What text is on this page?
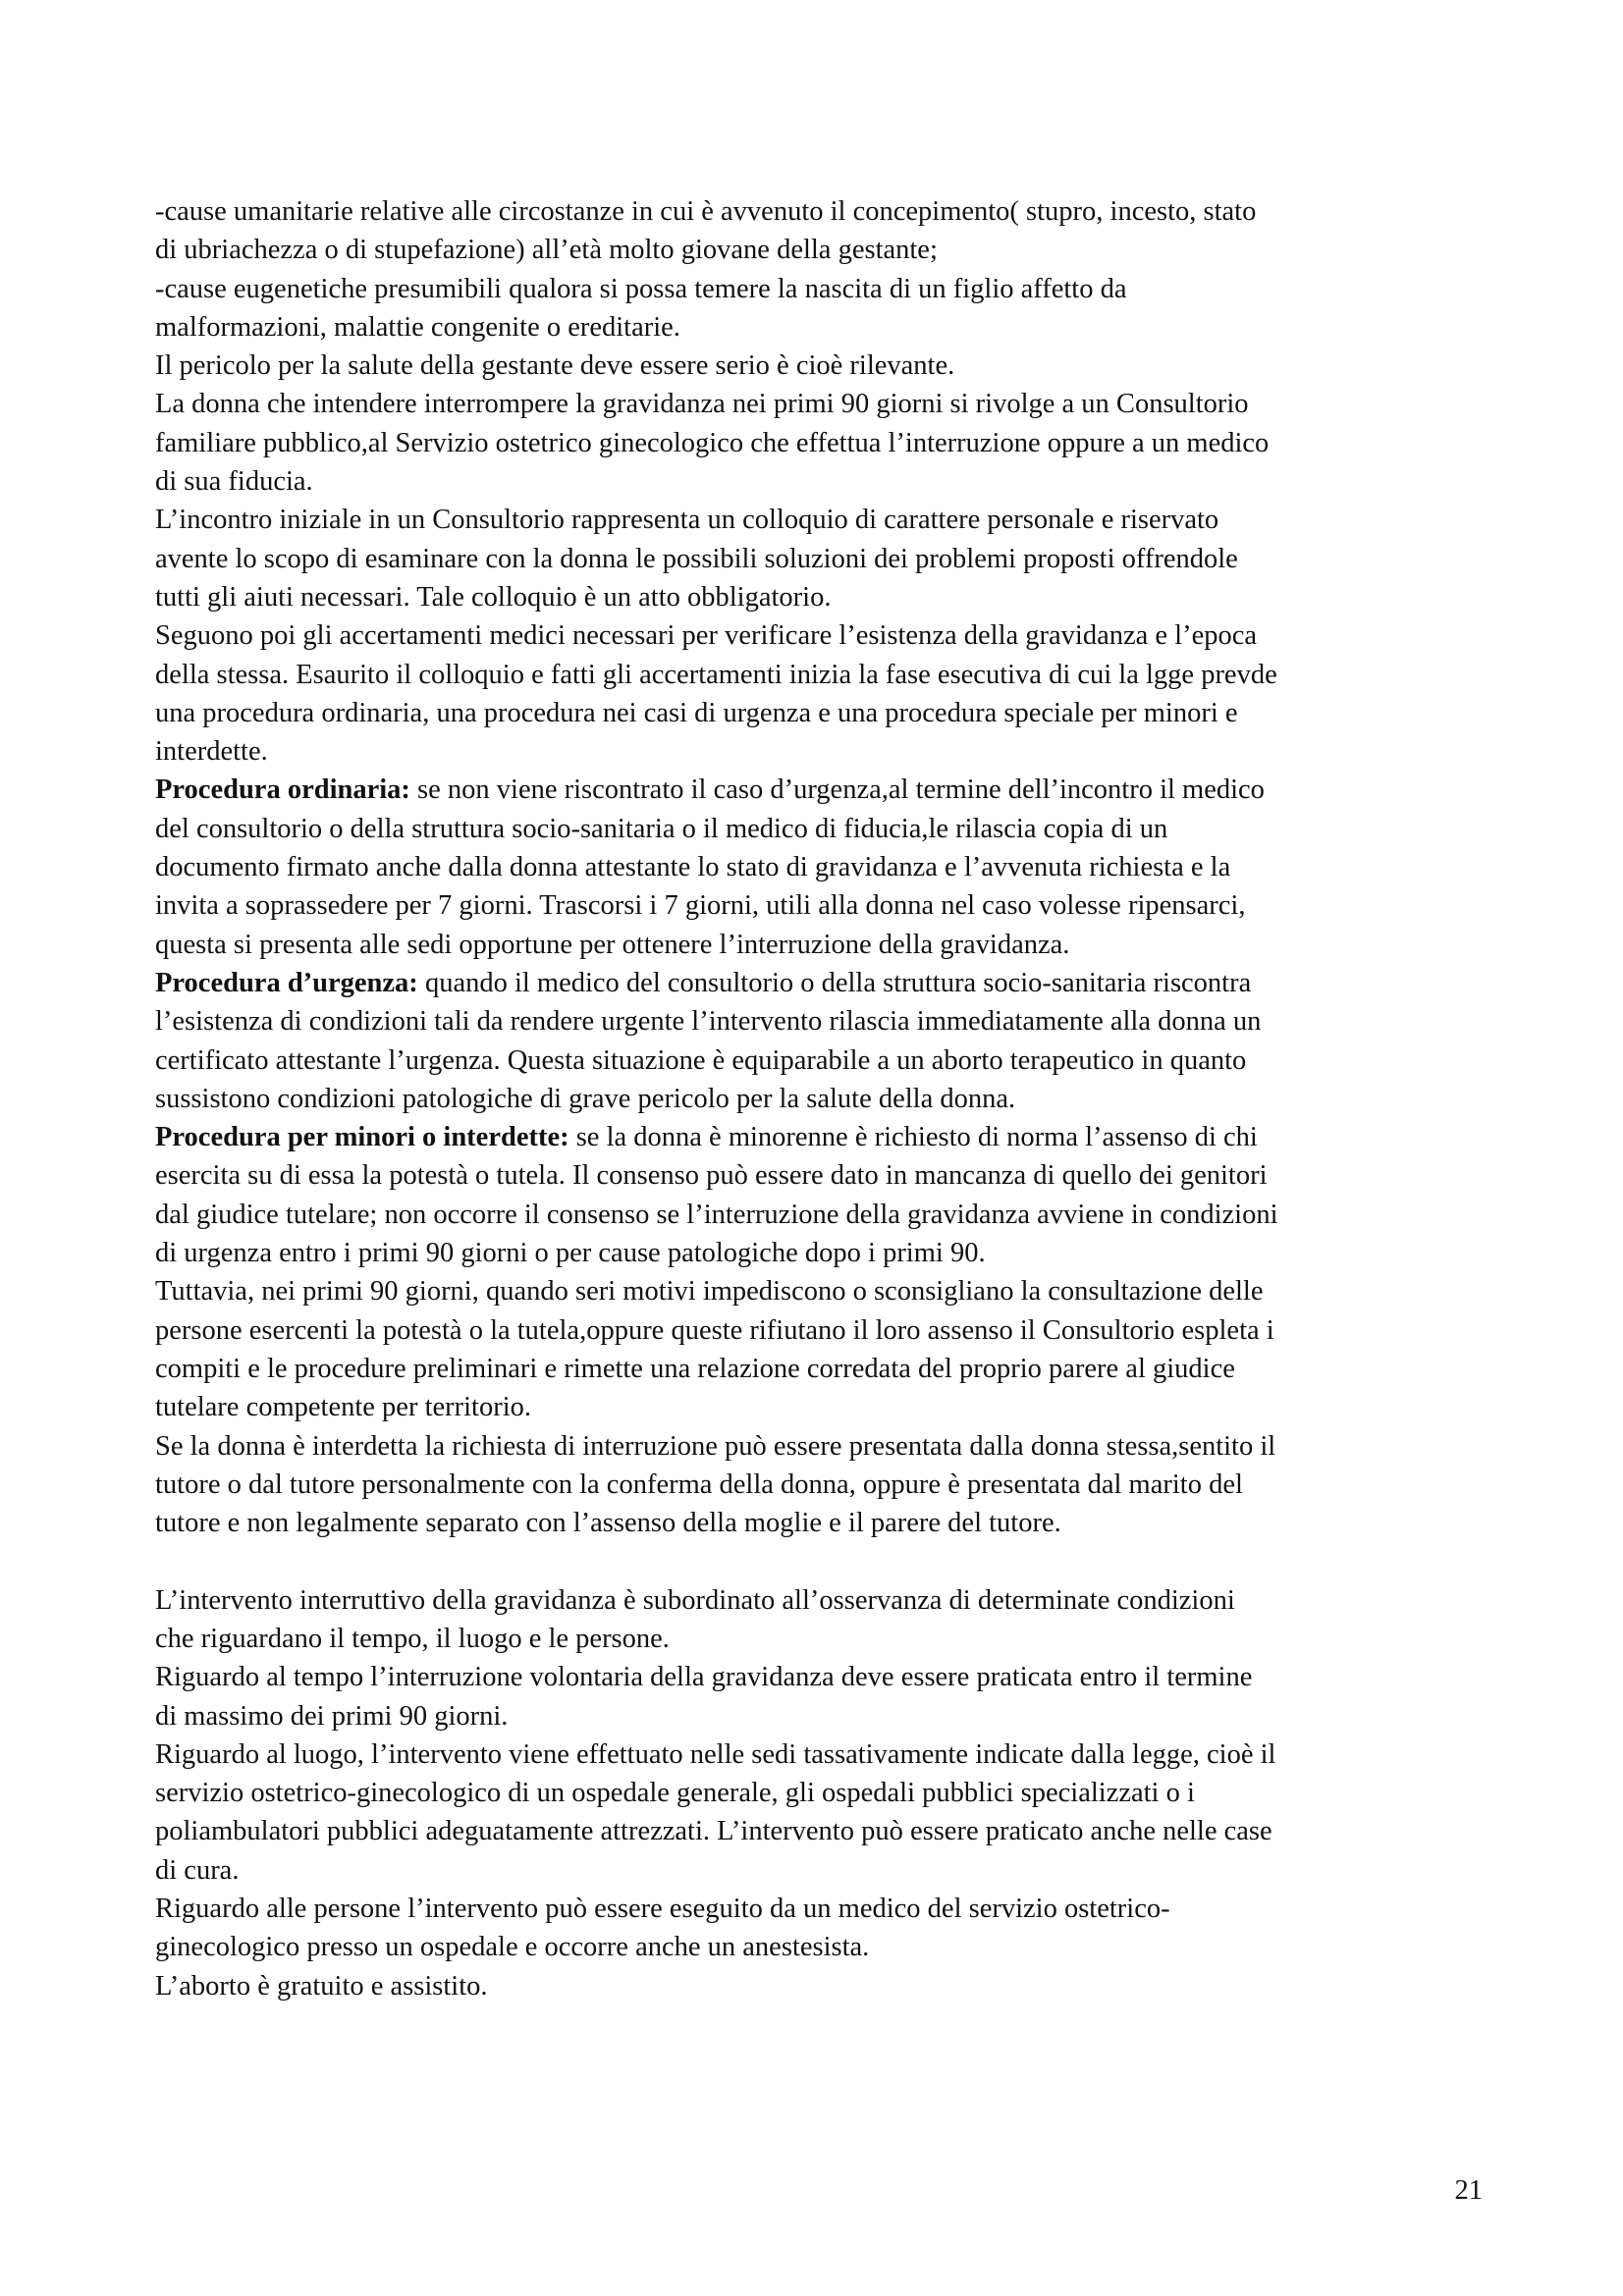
-cause umanitarie relative alle circostanze in cui è avvenuto il concepimento( stupro, incesto, stato

di ubriachezza o di stupefazione) all’età molto giovane della gestante;

-cause eugenetiche presumibili qualora si possa temere la nascita di un figlio affetto da

malformazioni, malattie congenite o ereditarie.

Il pericolo per la salute della gestante deve essere serio è cioè rilevante.

La donna che intendere interrompere la gravidanza nei primi 90 giorni si rivolge a un Consultorio

familiare pubblico,al Servizio ostetrico ginecologico che effettua l’interruzione oppure a un medico

di sua fiducia.

L’incontro iniziale in un Consultorio rappresenta un colloquio di carattere personale e riservato

avente lo scopo di esaminare con la donna le possibili soluzioni dei problemi proposti offrendole

tutti gli aiuti necessari. Tale colloquio è un atto obbligatorio.

Seguono poi gli accertamenti medici necessari per verificare l’esistenza della gravidanza e l’epoca

della stessa. Esaurito il colloquio e fatti gli accertamenti inizia la fase esecutiva di cui la lgge prevde

una procedura ordinaria, una procedura nei casi di urgenza e una procedura speciale per minori e

interdette.

Procedura ordinaria: se non viene riscontrato il caso d’urgenza,al termine dell’incontro il medico

del consultorio o della struttura socio-sanitaria o il medico di fiducia,le rilascia copia di un

documento firmato anche dalla donna attestante lo stato di gravidanza e l’avvenuta richiesta e la

invita a soprassedere per 7 giorni. Trascorsi i 7 giorni, utili alla donna nel caso volesse ripensarci,

questa si presenta alle sedi opportune per ottenere l’interruzione della gravidanza.

Procedura d’urgenza: quando il medico del consultorio o della struttura socio-sanitaria riscontra

l’esistenza di condizioni tali da rendere urgente l’intervento rilascia immediatamente alla donna un

certificato attestante l’urgenza. Questa situazione è equiparabile a un aborto terapeutico in quanto

sussistono condizioni patologiche di grave pericolo per la salute della donna.

Procedura per minori o interdette: se la donna è minorenne è richiesto di norma l’assenso di chi

esercita su di essa la potestà o tutela. Il consenso può essere dato in mancanza di quello dei genitori

dal giudice tutelare; non occorre il consenso se l’interruzione della gravidanza avviene in condizioni

di urgenza entro i primi 90 giorni o per cause patologiche dopo i primi 90.

Tuttavia, nei primi 90 giorni, quando seri motivi impediscono o sconsigliano la consultazione delle

persone esercenti la potestà o la tutela,oppure queste rifiutano il loro assenso il Consultorio espleta i

compiti e le procedure preliminari e rimette una relazione corredata del proprio parere al giudice

tutelare competente per territorio.

Se la donna è interdetta la richiesta di interruzione può essere presentata dalla donna stessa,sentito il

tutore o dal tutore personalmente con la conferma della donna, oppure è presentata dal marito del

tutore e non legalmente separato con l’assenso della moglie e il parere del tutore.

L’intervento interruttivo della gravidanza è subordinato all’osservanza di determinate condizioni

che riguardano il tempo, il luogo e le persone.

Riguardo al tempo l’interruzione volontaria della gravidanza deve essere praticata entro il termine

di massimo dei primi 90 giorni.

Riguardo al luogo, l’intervento viene effettuato nelle sedi tassativamente indicate dalla legge, cioè il

servizio ostetrico-ginecologico di un ospedale generale, gli ospedali pubblici specializzati o i

poliambulatori pubblici adeguatamente attrezzati. L’intervento può essere praticato anche nelle case

di cura.

Riguardo alle persone l’intervento può essere eseguito da un medico del servizio ostetrico-

ginecologico presso un ospedale e occorre anche un anestesista.

L’aborto è gratuito e assistito.

21
